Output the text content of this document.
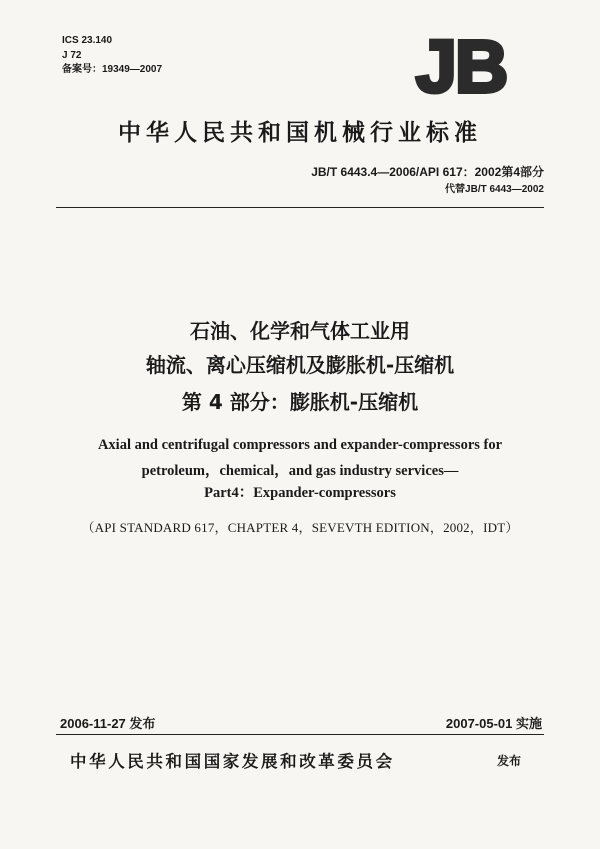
ICS 23.140
J 72
备案号：19349—2007	JB
中华人民共和国机械行业标准
JB/T 6443.4—2006/API 617：2002第4部分
代替JB/T 6443—2002
石油、化学和气体工业用
轴流、离心压缩机及膨胀机-压缩机
第 4 部分：膨胀机-压缩机
Axial and centrifugal compressors and expander-compressors for
petroleum，chemical，and gas industry services—
Part4：Expander-compressors
（API STANDARD 617，CHAPTER 4，SEVEVTH EDITION，2002，IDT）
2006-11-27 发布	2007-05-01 实施
中华人民共和国国家发展和改革委员会	发布
